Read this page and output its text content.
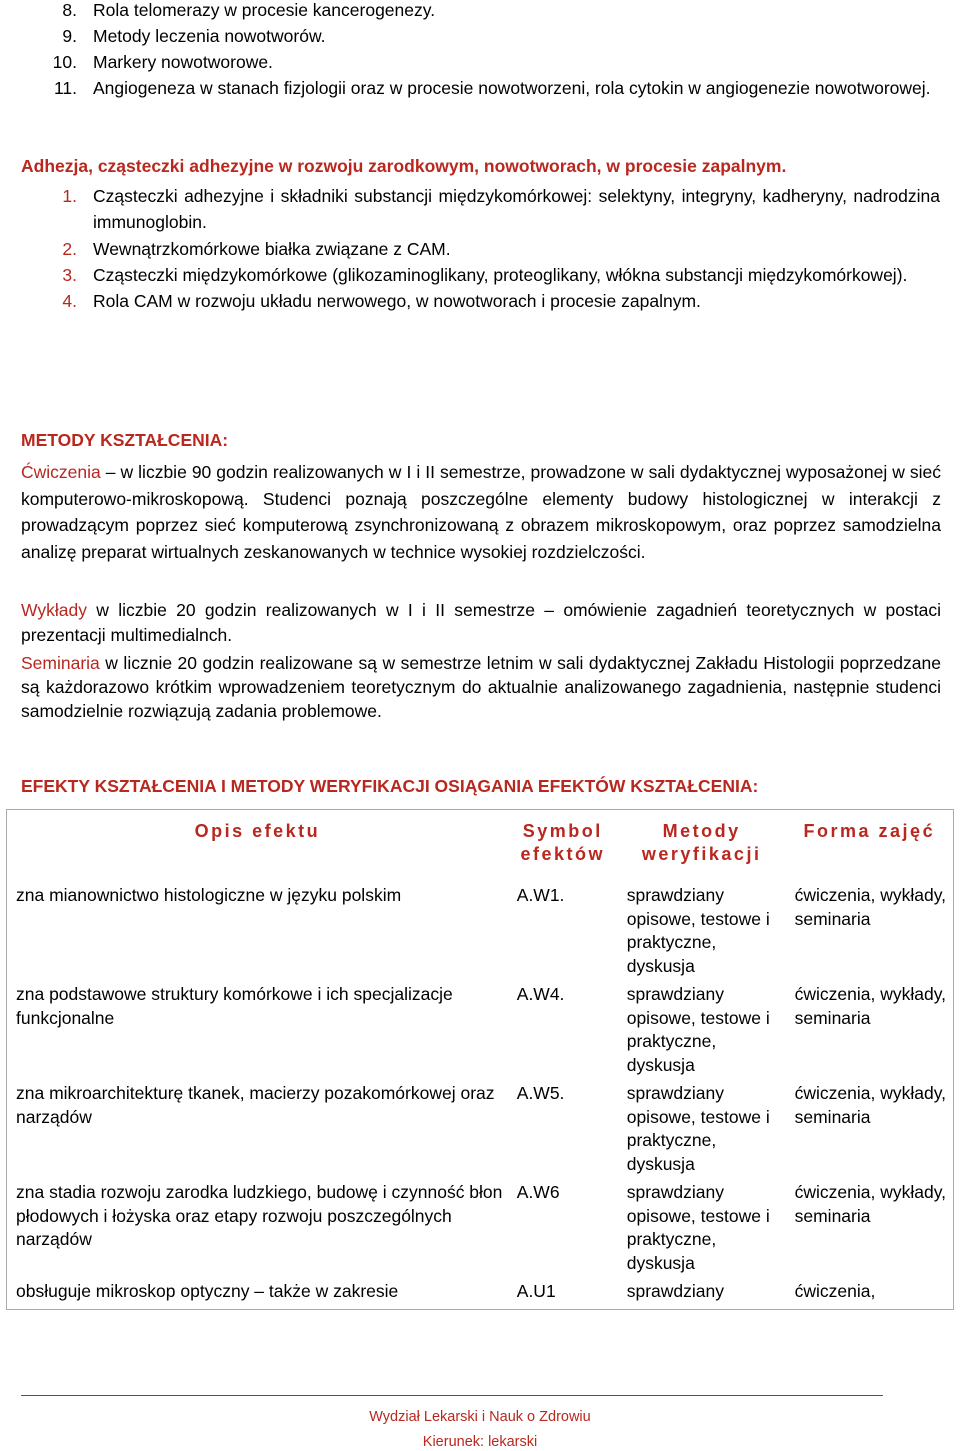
8. Rola telomerazy w procesie kancerogenezy.
9. Metody leczenia nowotworów.
10. Markery nowotworowe.
11. Angiogeneza w stanach fizjologii oraz w procesie nowotworzeni, rola cytokin w angiogenezie nowotworowej.
Adhezja, cząsteczki adhezyjne w rozwoju zarodkowym, nowotworach, w procesie zapalnym.
1. Cząsteczki adhezyjne i składniki substancji międzykomórkowej: selektyny, integryny, kadheryny, nadrodzina immunoglobin.
2. Wewnątrzkomórkowe białka związane z CAM.
3. Cząsteczki międzykomórkowe (glikozaminoglikany, proteoglikany, włókna substancji międzykomórkowej).
4. Rola CAM w rozwoju układu nerwowego, w nowotworach i procesie zapalnym.
METODY KSZTAŁCENIA:

Ćwiczenia – w liczbie 90 godzin realizowanych w I i II semestrze, prowadzone w sali dydaktycznej wyposażonej w sieć komputerowo-mikroskopową. Studenci poznają poszczególne elementy budowy histologicznej w interakcji z prowadzącym poprzez sieć komputerową zsynchronizowaną z obrazem mikroskopowym, oraz poprzez samodzielna analizę preparat wirtualnych zeskanowanych w technice wysokiej rozdzielczości.

Wykłady w liczbie 20 godzin realizowanych w I i II semestrze – omówienie zagadnień teoretycznych w postaci prezentacji multimedialnch.

Seminaria w licznie 20 godzin realizowane są w semestrze letnim w sali dydaktycznej Zakładu Histologii poprzedzane są każdorazowo krótkim wprowadzeniem teoretycznym do aktualnie analizowanego zagadnienia, następnie studenci samodzielnie rozwiązują zadania problemowe.

EFEKTY KSZTAŁCENIA I METODY WERYFIKACJI OSIĄGANIA EFEKTÓW KSZTAŁCENIA:
Opis efektu	Symbol efektów	Metody weryfikacji	Forma zajęć
zna mianownictwo histologiczne w języku polskim	A.W1.	sprawdziany opisowe, testowe i praktyczne, dyskusja	ćwiczenia, wykłady, seminaria
zna podstawowe struktury komórkowe i ich specjalizacje funkcjonalne	A.W4.	sprawdziany opisowe, testowe i praktyczne, dyskusja	ćwiczenia, wykłady, seminaria
zna mikroarchitekturę tkanek, macierzy pozakomórkowej oraz narządów	A.W5.	sprawdziany opisowe, testowe i praktyczne, dyskusja	ćwiczenia, wykłady, seminaria
zna stadia rozwoju zarodka ludzkiego, budowę i czynność błon płodowych i łożyska oraz etapy rozwoju poszczególnych narządów	A.W6	sprawdziany opisowe, testowe i praktyczne, dyskusja	ćwiczenia, wykłady, seminaria
obsługuje mikroskop optyczny – także w zakresie	A.U1	sprawdziany	ćwiczenia,
Wydział Lekarski i Nauk o Zdrowiu
Kierunek: lekarski
